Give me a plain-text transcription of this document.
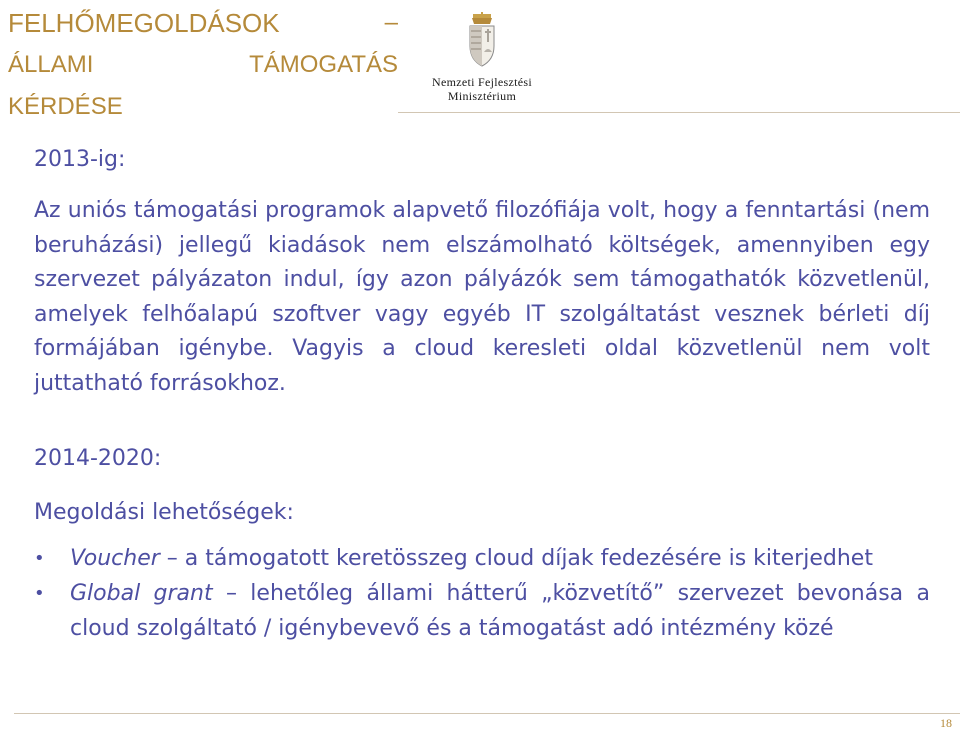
FELHŐMEGOLDÁSOK	–
ÁLLAMI	TÁMOGATÁS
KÉRDÉSE
Nemzeti Fejlesztési
Minisztérium
2013-ig:
Az uniós támogatási programok alapvető filozófiája volt, hogy a fenntartási (nem beruházási) jellegű kiadások nem elszámolható költségek, amennyiben egy szervezet pályázaton indul, így azon pályázók sem támogathatók közvetlenül, amelyek felhőalapú szoftver vagy egyéb IT szolgáltatást vesznek bérleti díj formájában igénybe. Vagyis a cloud keresleti oldal közvetlenül nem volt juttatható forrásokhoz.
2014-2020:
Megoldási lehetőségek:
• Voucher – a támogatott keretösszeg cloud díjak fedezésére is kiterjedhet
• Global grant – lehetőleg állami hátterű „közvetítő” szervezet bevonása a cloud szolgáltató / igénybevevő és a támogatást adó intézmény közé
18
